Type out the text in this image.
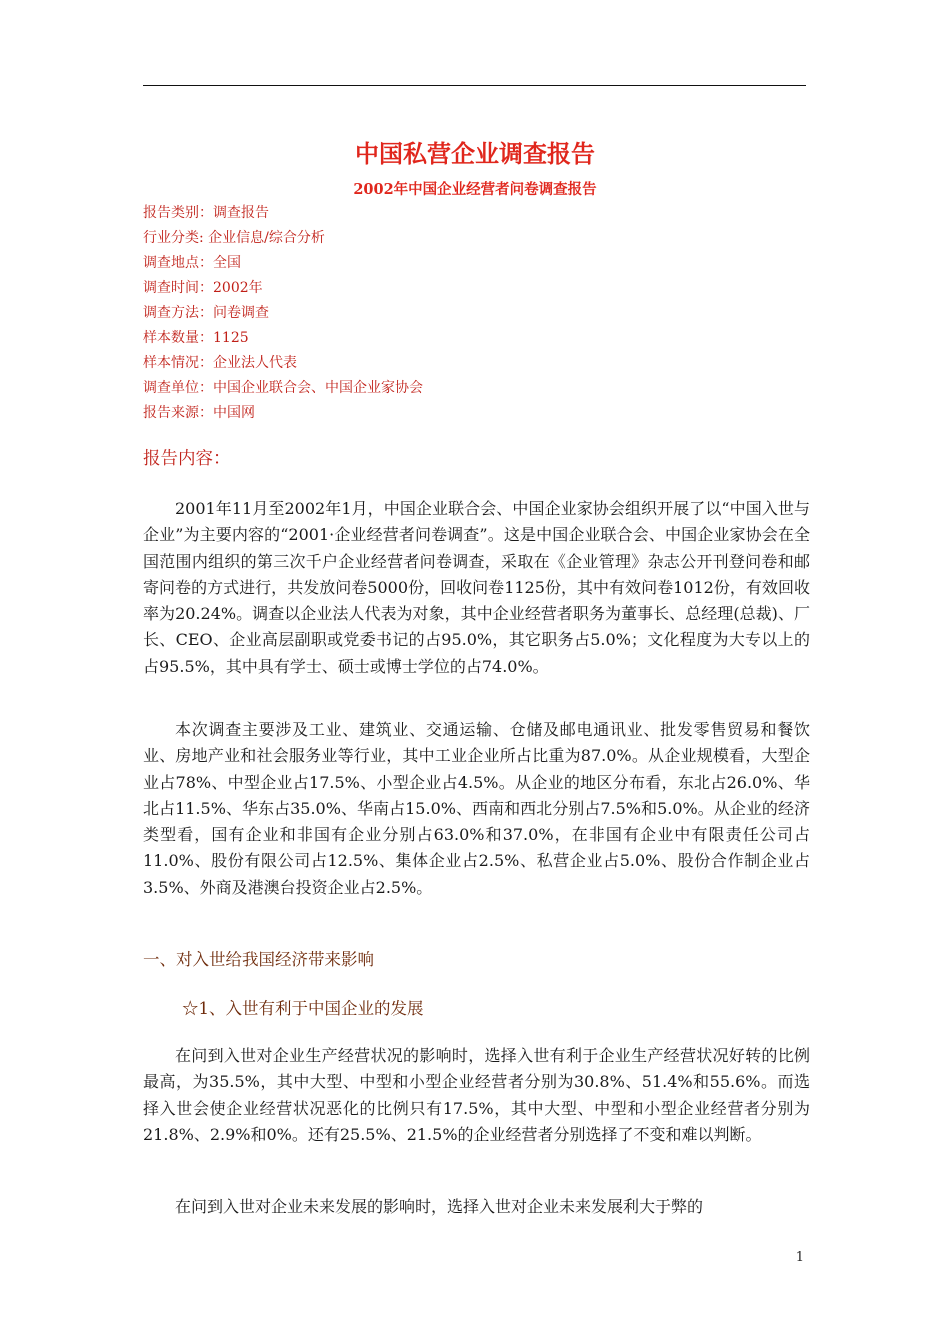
中国私营企业调查报告
2002年中国企业经营者问卷调查报告
报告类别：调查报告
行业分类: 企业信息/综合分析
调查地点：全国
调查时间：2002年
调查方法：问卷调查
样本数量：1125
样本情况：企业法人代表
调查单位：中国企业联合会、中国企业家协会
报告来源：中国网
报告内容：
2001年11月至2002年1月，中国企业联合会、中国企业家协会组织开展了以“中国入世与企业”为主要内容的“2001·企业经营者问卷调查”。这是中国企业联合会、中国企业家协会在全国范围内组织的第三次千户企业经营者问卷调查，采取在《企业管理》杂志公开刊登问卷和邮寄问卷的方式进行，共发放问卷5000份，回收问卷1125份，其中有效问卷1012份，有效回收率为20.24%。调查以企业法人代表为对象，其中企业经营者职务为董事长、总经理(总裁)、厂长、CEO、企业高层副职或党委书记的占95.0%，其它职务占5.0%；文化程度为大专以上的占95.5%，其中具有学士、硕士或博士学位的占74.0%。
本次调查主要涉及工业、建筑业、交通运输、仓储及邮电通讯业、批发零售贸易和餐饮业、房地产业和社会服务业等行业，其中工业企业所占比重为87.0%。从企业规模看，大型企业占78%、中型企业占17.5%、小型企业占4.5%。从企业的地区分布看，东北占26.0%、华北占11.5%、华东占35.0%、华南占15.0%、西南和西北分别占7.5%和5.0%。从企业的经济类型看，国有企业和非国有企业分别占63.0%和37.0%，在非国有企业中有限责任公司占11.0%、股份有限公司占12.5%、集体企业占2.5%、私营企业占5.0%、股份合作制企业占3.5%、外商及港澳台投资企业占2.5%。
一、对入世给我国经济带来影响
☆1、入世有利于中国企业的发展
在问到入世对企业生产经营状况的影响时，选择入世有利于企业生产经营状况好转的比例最高，为35.5%，其中大型、中型和小型企业经营者分别为30.8%、51.4%和55.6%。而选择入世会使企业经营状况恶化的比例只有17.5%，其中大型、中型和小型企业经营者分别为21.8%、2.9%和0%。还有25.5%、21.5%的企业经营者分别选择了不变和难以判断。
在问到入世对企业未来发展的影响时，选择入世对企业未来发展利大于弊的
1
